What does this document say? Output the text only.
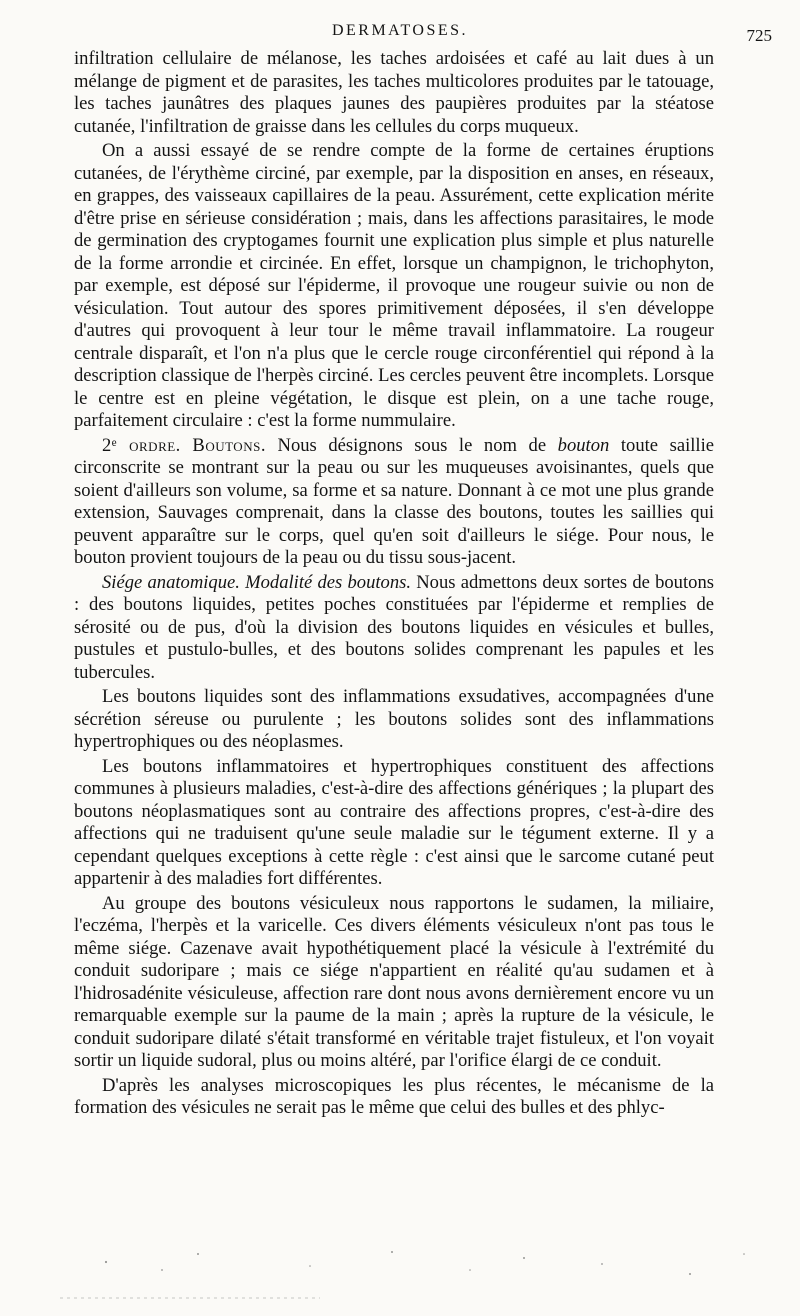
DERMATOSES.	725

infiltration cellulaire de mélanose, les taches ardoisées et café au lait dues à un mélange de pigment et de parasites, les taches multicolores produites par le tatouage, les taches jaunâtres des plaques jaunes des paupières produites par la stéatose cutanée, l'infiltration de graisse dans les cellules du corps muqueux.

On a aussi essayé de se rendre compte de la forme de certaines éruptions cutanées, de l'érythème circiné, par exemple, par la disposition en anses, en réseaux, en grappes, des vaisseaux capillaires de la peau. Assurément, cette explication mérite d'être prise en sérieuse considération ; mais, dans les affections parasitaires, le mode de germination des cryptogames fournit une explication plus simple et plus naturelle de la forme arrondie et circinée. En effet, lorsque un champignon, le trichophyton, par exemple, est déposé sur l'épiderme, il provoque une rougeur suivie ou non de vésiculation. Tout autour des spores primitivement déposées, il s'en développe d'autres qui provoquent à leur tour le même travail inflammatoire. La rougeur centrale disparaît, et l'on n'a plus que le cercle rouge circonférentiel qui répond à la description classique de l'herpès circiné. Les cercles peuvent être incomplets. Lorsque le centre est en pleine végétation, le disque est plein, on a une tache rouge, parfaitement circulaire : c'est la forme nummulaire.

2ᵉ ordre. Boutons. Nous désignons sous le nom de bouton toute saillie circonscrite se montrant sur la peau ou sur les muqueuses avoisinantes, quels que soient d'ailleurs son volume, sa forme et sa nature. Donnant à ce mot une plus grande extension, Sauvages comprenait, dans la classe des boutons, toutes les saillies qui peuvent apparaître sur le corps, quel qu'en soit d'ailleurs le siége. Pour nous, le bouton provient toujours de la peau ou du tissu sous-jacent.

Siége anatomique. Modalité des boutons. Nous admettons deux sortes de boutons : des boutons liquides, petites poches constituées par l'épiderme et remplies de sérosité ou de pus, d'où la division des boutons liquides en vésicules et bulles, pustules et pustulo-bulles, et des boutons solides comprenant les papules et les tubercules.

Les boutons liquides sont des inflammations exsudatives, accompagnées d'une sécrétion séreuse ou purulente ; les boutons solides sont des inflammations hypertrophiques ou des néoplasmes.

Les boutons inflammatoires et hypertrophiques constituent des affections communes à plusieurs maladies, c'est-à-dire des affections génériques ; la plupart des boutons néoplasmatiques sont au contraire des affections propres, c'est-à-dire des affections qui ne traduisent qu'une seule maladie sur le tégument externe. Il y a cependant quelques exceptions à cette règle : c'est ainsi que le sarcome cutané peut appartenir à des maladies fort différentes.

Au groupe des boutons vésiculeux nous rapportons le sudamen, la miliaire, l'eczéma, l'herpès et la varicelle. Ces divers éléments vésiculeux n'ont pas tous le même siége. Cazenave avait hypothétiquement placé la vésicule à l'extrémité du conduit sudoripare ; mais ce siége n'appartient en réalité qu'au sudamen et à l'hidrosadénite vésiculeuse, affection rare dont nous avons dernièrement encore vu un remarquable exemple sur la paume de la main ; après la rupture de la vésicule, le conduit sudoripare dilaté s'était transformé en véritable trajet fistuleux, et l'on voyait sortir un liquide sudoral, plus ou moins altéré, par l'orifice élargi de ce conduit.

D'après les analyses microscopiques les plus récentes, le mécanisme de la formation des vésicules ne serait pas le même que celui des bulles et des phlyc-
